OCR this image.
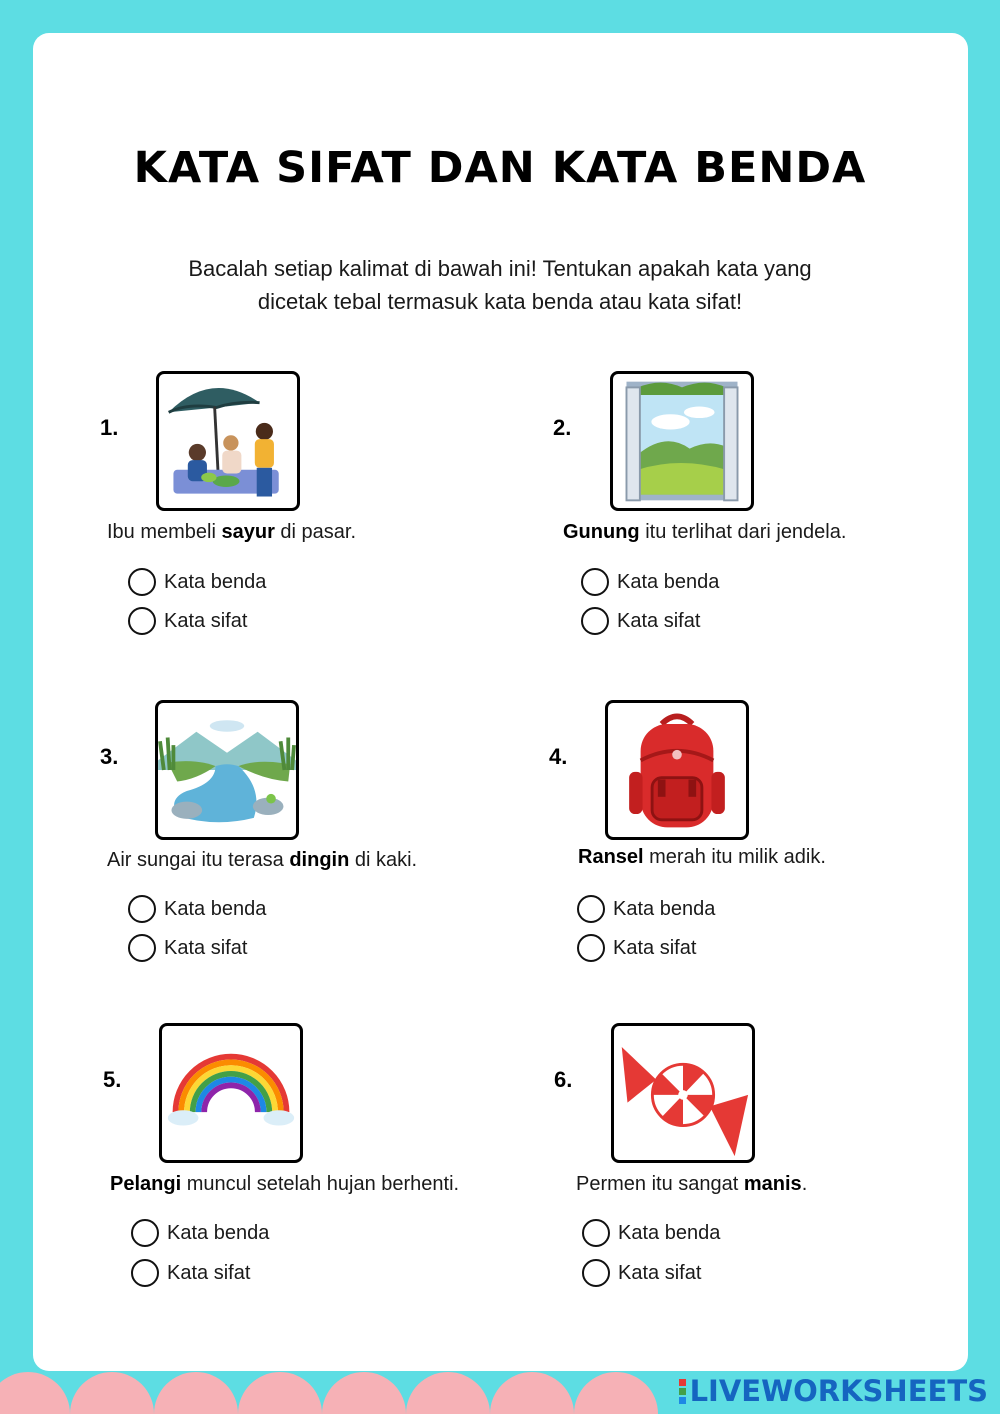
KATA SIFAT DAN KATA BENDA
Bacalah setiap kalimat di bawah ini! Tentukan apakah kata yang
dicetak tebal termasuk kata benda atau kata sifat!
1.
Ibu membeli sayur di pasar.
Kata benda
Kata sifat
2.
Gunung itu terlihat dari jendela.
Kata benda
Kata sifat
3.
Air sungai itu terasa dingin di kaki.
Kata benda
Kata sifat
4.
Ransel merah itu milik adik.
Kata benda
Kata sifat
5.
Pelangi muncul setelah hujan berhenti.
Kata benda
Kata sifat
6.
Permen itu sangat manis.
Kata benda
Kata sifat
LIVEWORKSHEETS
